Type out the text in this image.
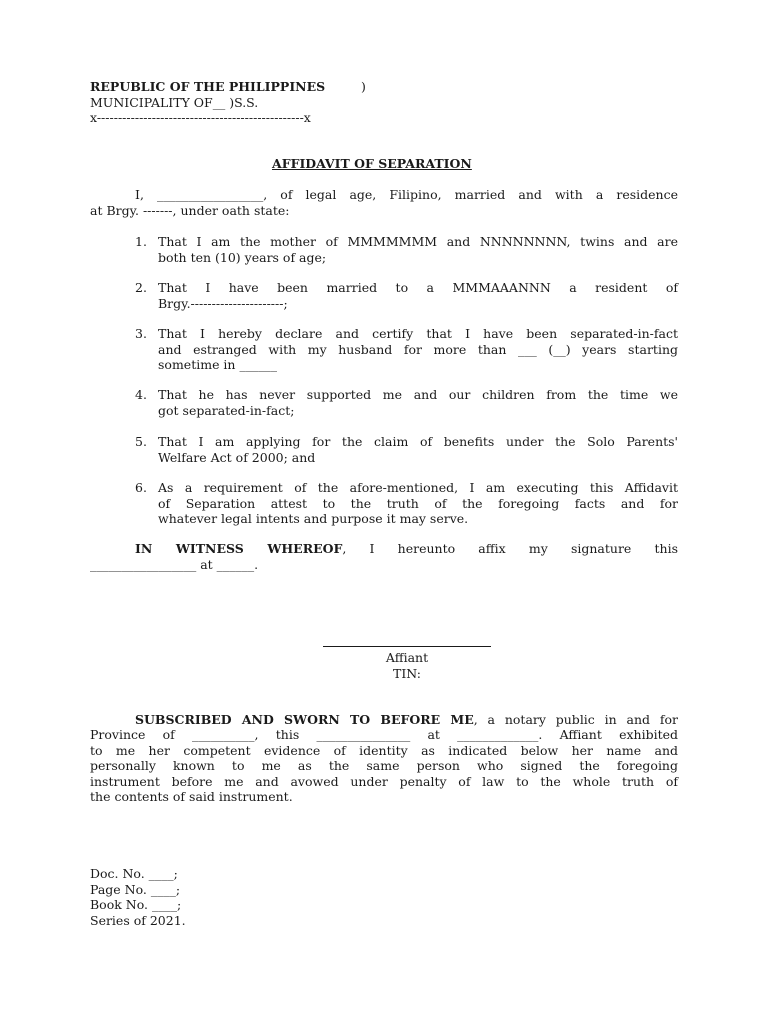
REPUBLIC OF THE PHILIPPINES	)
MUNICIPALITY OF__ )S.S.
x-------------------------------------------------x
AFFIDAVIT OF SEPARATION
I, _________________, of legal age, Filipino, married and with a residence
at Brgy. -------, under oath state:
1. That I am the mother of MMMMMMM and NNNNNNNN, twins and are
both ten (10) years of age;
2. That I have been married to a MMMAAANNN a resident of
Brgy.----------------------;
3. That I hereby declare and certify that I have been separated-in-fact
and estranged with my husband for more than ___ (__) years starting
sometime in ______
4. That he has never supported me and our children from the time we
got separated-in-fact;
5. That I am applying for the claim of benefits under the Solo Parents'
Welfare Act of 2000; and
6. As a requirement of the afore-mentioned, I am executing this Affidavit
of Separation attest to the truth of the foregoing facts and for
whatever legal intents and purpose it may serve.
IN WITNESS WHEREOF, I hereunto affix my signature this
_________________ at ______.
Affiant
TIN:
SUBSCRIBED AND SWORN TO BEFORE ME, a notary public in and for
Province of __________, this _______________ at _____________. Affiant exhibited
to me her competent evidence of identity as indicated below her name and
personally known to me as the same person who signed the foregoing
instrument before me and avowed under penalty of law to the whole truth of
the contents of said instrument.
Doc. No. ____;
Page No. ____;
Book No. ____;
Series of 2021.
